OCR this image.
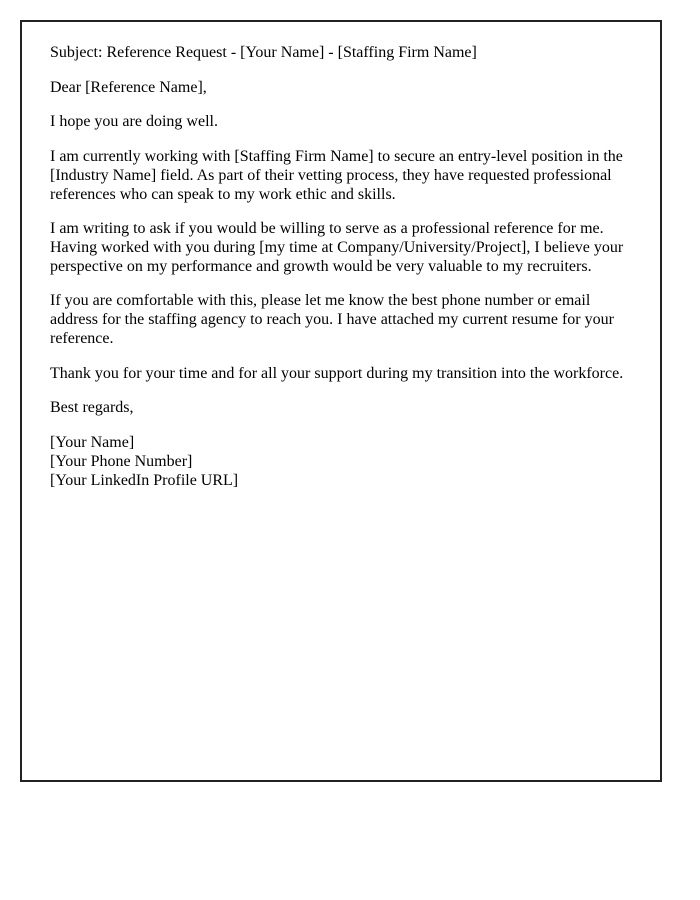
Subject: Reference Request - [Your Name] - [Staffing Firm Name]

Dear [Reference Name],

I hope you are doing well.

I am currently working with [Staffing Firm Name] to secure an entry-level position in the [Industry Name] field. As part of their vetting process, they have requested professional references who can speak to my work ethic and skills.

I am writing to ask if you would be willing to serve as a professional reference for me. Having worked with you during [my time at Company/University/Project], I believe your perspective on my performance and growth would be very valuable to my recruiters.

If you are comfortable with this, please let me know the best phone number or email address for the staffing agency to reach you. I have attached my current resume for your reference.

Thank you for your time and for all your support during my transition into the workforce.

Best regards,

[Your Name]
[Your Phone Number]
[Your LinkedIn Profile URL]
